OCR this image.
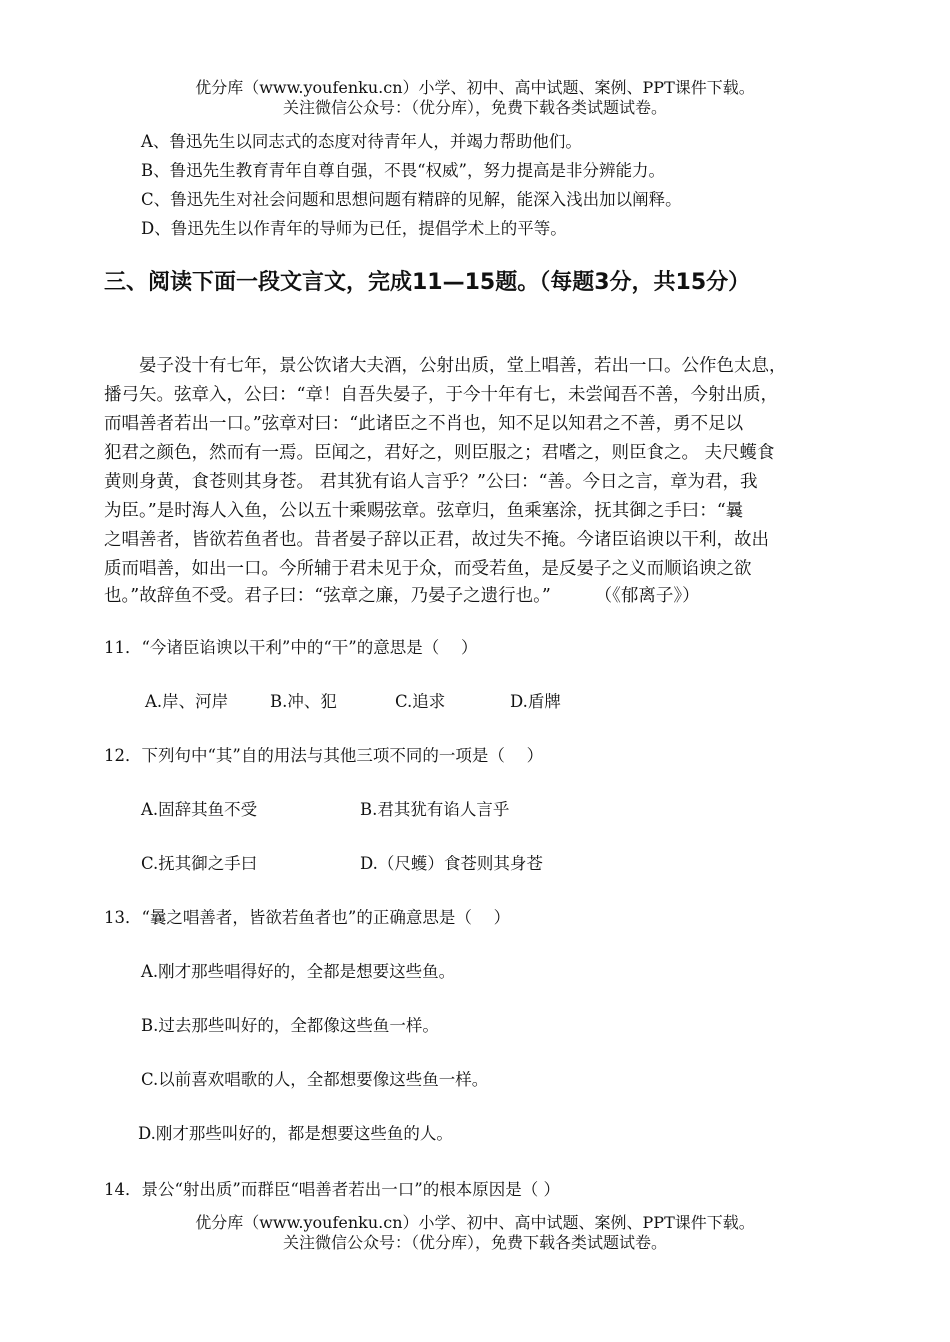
优分库（www.youfenku.cn）小学、初中、高中试题、案例、PPT课件下载。
关注微信公众号：（优分库），免费下载各类试题试卷。
A、鲁迅先生以同志式的态度对待青年人，并竭力帮助他们。
B、鲁迅先生教育青年自尊自强，不畏“权威”，努力提高是非分辨能力。
C、鲁迅先生对社会问题和思想问题有精辟的见解，能深入浅出加以阐释。
D、鲁迅先生以作青年的导师为已任，提倡学术上的平等。
三、阅读下面一段文言文，完成11—15题。（每题3分，共15分）
　　晏子没十有七年，景公饮诸大夫酒，公射出质，堂上唱善，若出一口。公作色太息，
播弓矢。弦章入，公曰：“章！自吾失晏子，于今十年有七，未尝闻吾不善，今射出质，
而唱善者若出一口。”弦章对曰：“此诸臣之不肖也，知不足以知君之不善，勇不足以
犯君之颜色，然而有一焉。臣闻之，君好之，则臣服之；君嗜之，则臣食之。 夫尺蠖食
黄则身黄，食苍则其身苍。 君其犹有谄人言乎？”公曰：“善。今日之言，章为君，我
为臣。”是时海人入鱼，公以五十乘赐弦章。弦章归，鱼乘塞涂，抚其御之手曰：“曩
之唱善者，皆欲若鱼者也。昔者晏子辞以正君，故过失不掩。今诸臣谄谀以干利，故出
质而唱善，如出一口。今所辅于君未见于众，而受若鱼，是反晏子之义而顺谄谀之欲
也。”故辞鱼不受。君子曰：“弦章之廉，乃晏子之遗行也。”　　　（《郁离子》）
11．“今诸臣谄谀以干利”中的“干”的意思是（　 ）
A.岸、河岸	B.冲、犯	C.追求	D.盾牌
12．下列句中“其”自的用法与其他三项不同的一项是（　 ）
A.固辞其鱼不受	B.君其犹有谄人言乎
C.抚其御之手曰	D.（尺蠖）食苍则其身苍
13．“曩之唱善者，皆欲若鱼者也”的正确意思是（　 ）
A.刚才那些唱得好的，全都是想要这些鱼。
B.过去那些叫好的，全都像这些鱼一样。
C.以前喜欢唱歌的人，全都想要像这些鱼一样。
D.刚才那些叫好的，都是想要这些鱼的人。
14．景公“射出质”而群臣“唱善者若出一口”的根本原因是（ ）
优分库（www.youfenku.cn）小学、初中、高中试题、案例、PPT课件下载。
关注微信公众号：（优分库），免费下载各类试题试卷。
